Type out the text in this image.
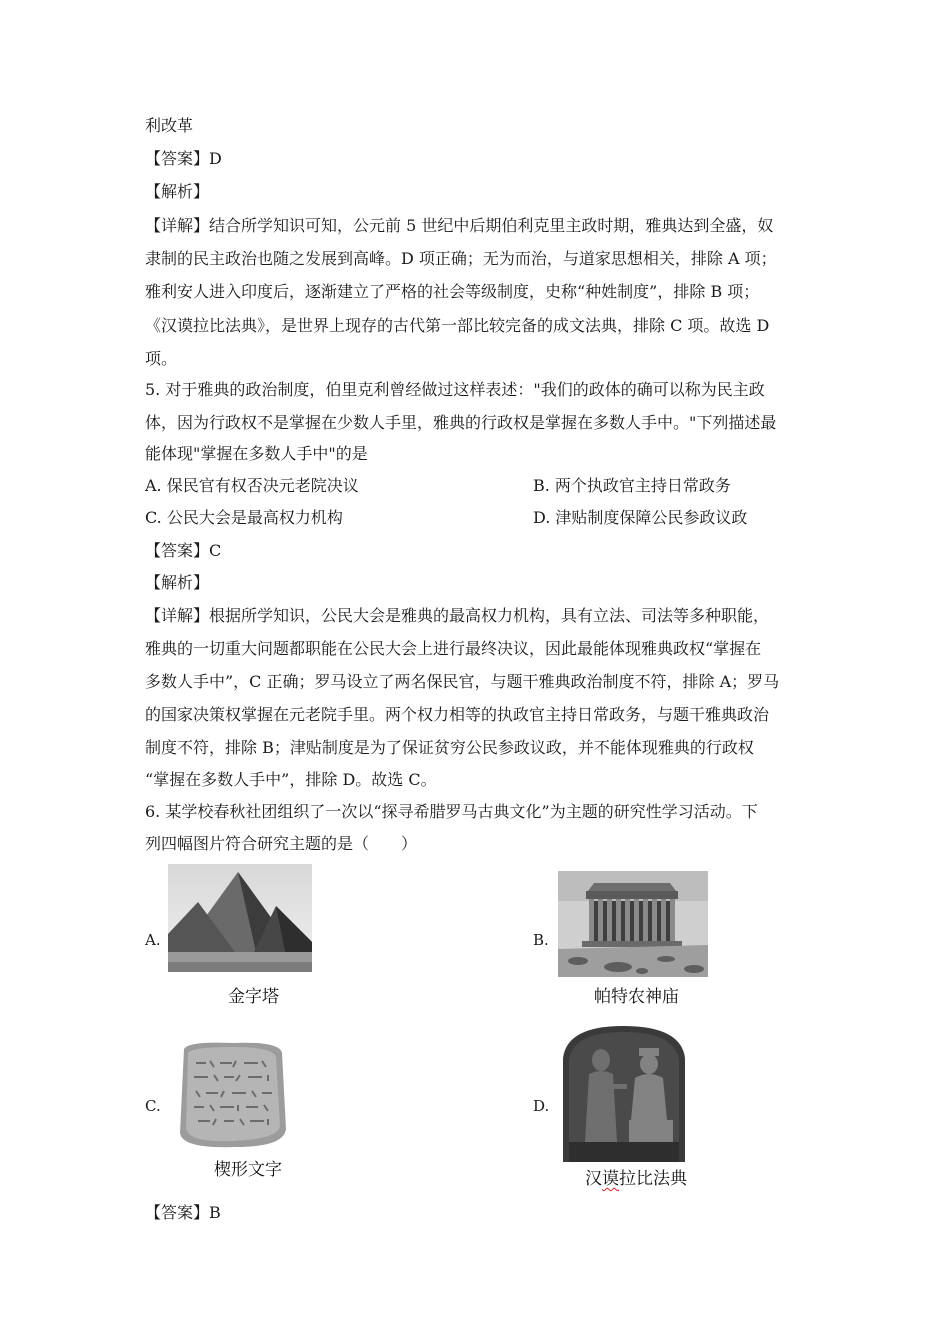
利改革
【答案】D
【解析】
【详解】结合所学知识可知，公元前 5 世纪中后期伯利克里主政时期，雅典达到全盛，奴
隶制的民主政治也随之发展到高峰。D 项正确；无为而治，与道家思想相关，排除 A 项；
雅利安人进入印度后，逐渐建立了严格的社会等级制度，史称“种姓制度”，排除 B 项；
《汉谟拉比法典》，是世界上现存的古代第一部比较完备的成文法典，排除 C 项。故选 D
项。
5. 对于雅典的政治制度，伯里克利曾经做过这样表述："我们的政体的确可以称为民主政
体，因为行政权不是掌握在少数人手里，雅典的行政权是掌握在多数人手中。"下列描述最
能体现"掌握在多数人手中"的是
A. 保民官有权否决元老院决议	B. 两个执政官主持日常政务
C. 公民大会是最高权力机构	D. 津贴制度保障公民参政议政
【答案】C
【解析】
【详解】根据所学知识，公民大会是雅典的最高权力机构，具有立法、司法等多种职能，
雅典的一切重大问题都职能在公民大会上进行最终决议，因此最能体现雅典政权“掌握在
多数人手中”，C 正确；罗马设立了两名保民官，与题干雅典政治制度不符，排除 A；罗马
的国家决策权掌握在元老院手里。两个权力相等的执政官主持日常政务，与题干雅典政治
制度不符，排除 B；津贴制度是为了保证贫穷公民参政议政，并不能体现雅典的行政权
“掌握在多数人手中”，排除 D。故选 C。
6. 某学校春秋社团组织了一次以“探寻希腊罗马古典文化”为主题的研究性学习活动。下
列四幅图片符合研究主题的是（　　）
A.
金字塔
B.
帕特农神庙
C.
楔形文字
D.
汉谟拉比法典
【答案】B
